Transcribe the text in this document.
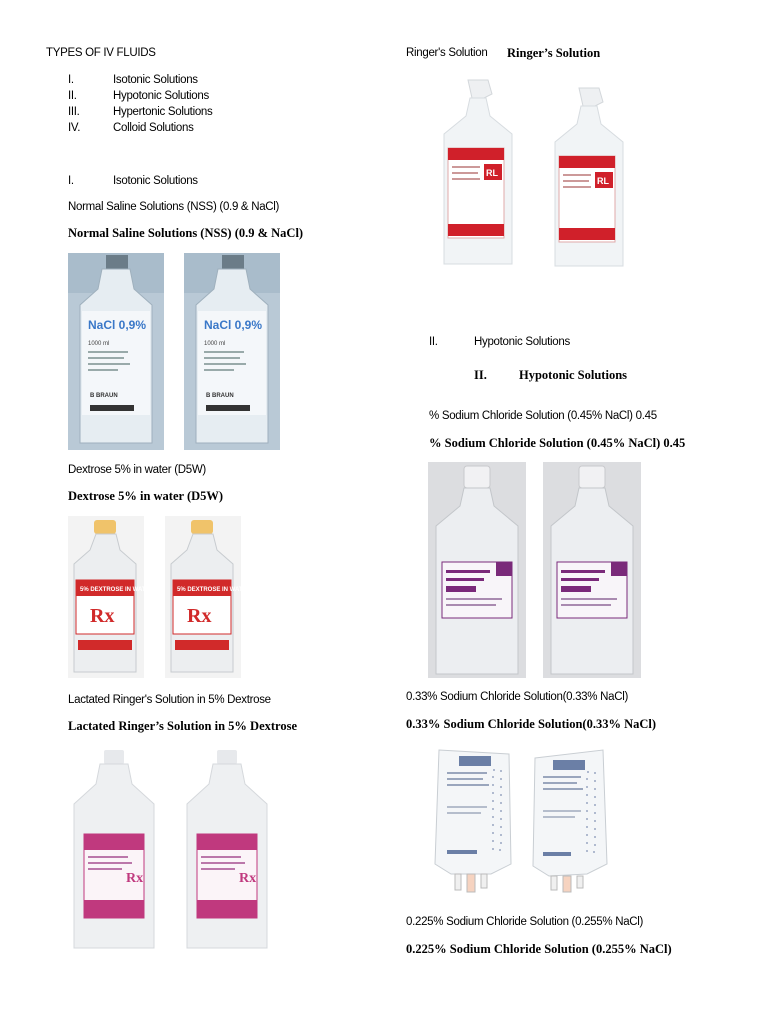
TYPES OF IV FLUIDS
I.	Isotonic Solutions
II.	Hypotonic Solutions
III.	Hypertonic Solutions
IV.	Colloid Solutions
I.	Isotonic Solutions
Normal Saline Solutions (NSS) (0.9 & NaCl)
Normal Saline Solutions (NSS) (0.9 & NaCl)
NaCl 0,9%
1000 ml
B BRAUN
NaCl 0,9%
1000 ml
B BRAUN
Dextrose 5% in water (D5W)
Dextrose 5% in water (D5W)
5% DEXTROSE IN WATER
Rx
5% DEXTROSE IN WATER
Rx
Lactated Ringer's Solution in 5% Dextrose
Lactated Ringer’s Solution in 5% Dextrose
Rx	Rx
Ringer's Solution Ringer’s Solution
RL
RL
II.	Hypotonic Solutions
II.	Hypotonic Solutions
% Sodium Chloride Solution (0.45% NaCl) 0.45
% Sodium Chloride Solution (0.45% NaCl) 0.45
0.33% Sodium Chloride Solution(0.33% NaCl)
0.33% Sodium Chloride Solution(0.33% NaCl)
0.225% Sodium Chloride Solution (0.255% NaCl)
0.225% Sodium Chloride Solution (0.255% NaCl)
